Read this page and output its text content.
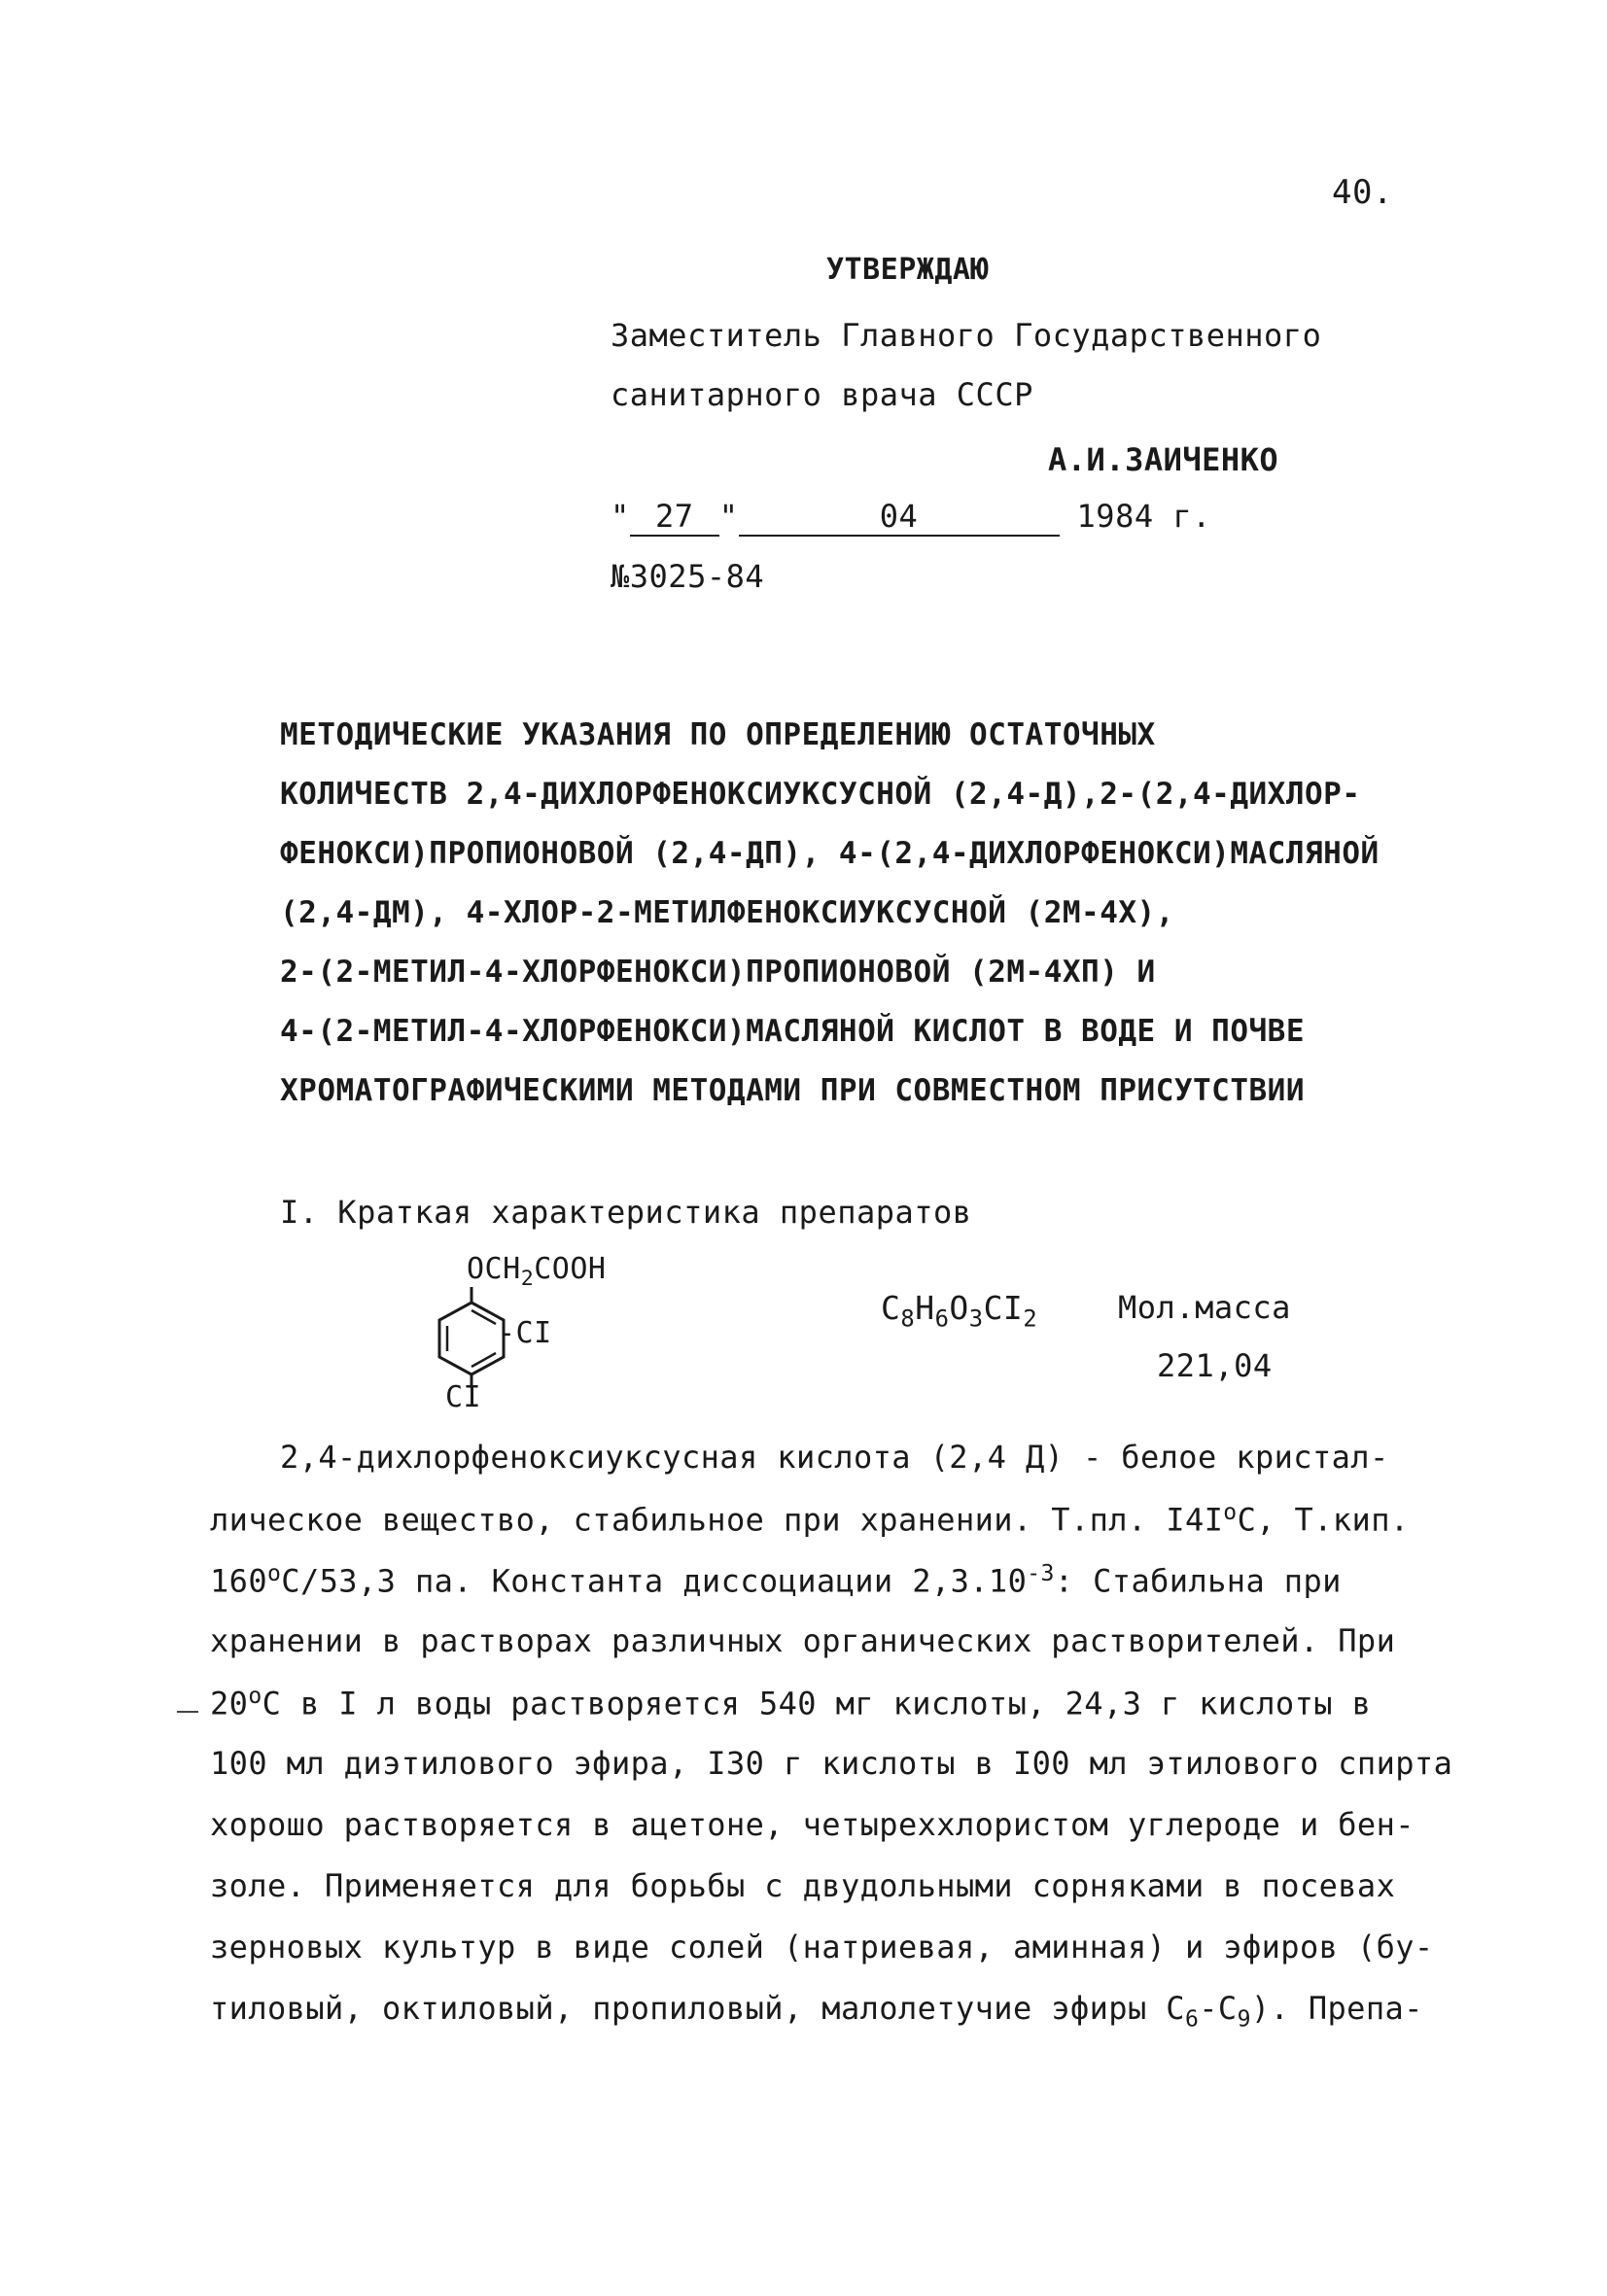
40.
УТВЕРЖДАЮ
Заместитель Главного Государственного
санитарного врача СССР
А.И.ЗАИЧЕНКО
" 27 "	04	1984 г.
№3025-84
МЕТОДИЧЕСКИЕ УКАЗАНИЯ ПО ОПРЕДЕЛЕНИЮ ОСТАТОЧНЫХ
КОЛИЧЕСТВ 2,4-ДИХЛОРФЕНОКСИУКСУСНОЙ (2,4-Д),2-(2,4-ДИХЛОР-
ФЕНОКСИ)ПРОПИОНОВОЙ (2,4-ДП), 4-(2,4-ДИХЛОРФЕНОКСИ)МАСЛЯНОЙ
(2,4-ДМ), 4-ХЛОР-2-МЕТИЛФЕНОКСИУКСУСНОЙ (2М-4Х),
2-(2-МЕТИЛ-4-ХЛОРФЕНОКСИ)ПРОПИОНОВОЙ (2М-4ХП) И
4-(2-МЕТИЛ-4-ХЛОРФЕНОКСИ)МАСЛЯНОЙ КИСЛОТ В ВОДЕ И ПОЧВЕ
ХРОМАТОГРАФИЧЕСКИМИ МЕТОДАМИ ПРИ СОВМЕСТНОМ ПРИСУТСТВИИ
I. Краткая характеристика препаратов
$OCH_2COOH$
-CI
CI
$C_8H_6O_3CI_2$	Мол.масса
221,04
2,4-дихлорфеноксиуксусная кислота (2,4 Д) - белое кристал-
лическое вещество, стабильное при хранении. Т.пл. $I4I^oC$, Т.кип.
160$^o$C/53,3 па. Константа диссоциации $2,3.10^{-3}$: Стабильна при
хранении в растворах различных органических растворителей. При
20$^o$C в I л воды растворяется 540 мг кислоты, 24,3 г кислоты в
100 мл диэтилового эфира, I30 г кислоты в I00 мл этилового спирта
хорошо растворяется в ацетоне, четыреххлористом углероде и бен-
золе. Применяется для борьбы с двудольными сорняками в посевах
зерновых культур в виде солей (натриевая, аминная) и эфиров (бу-
тиловый, октиловый, пропиловый, малолетучие эфиры $C_6-C_9$). Препа-
